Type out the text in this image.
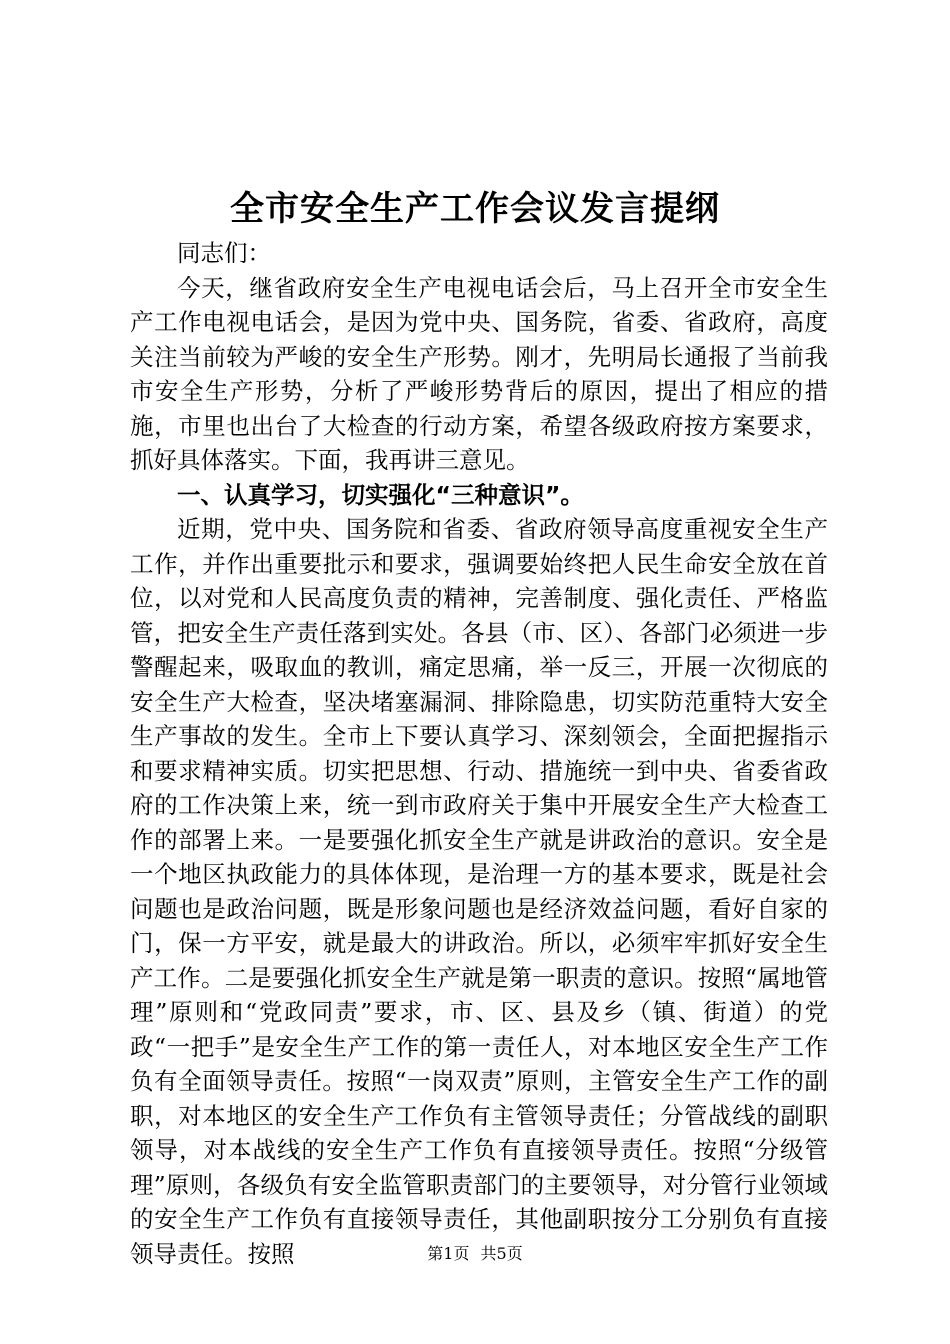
全市安全生产工作会议发言提纲

同志们：

今天，继省政府安全生产电视电话会后，马上召开全市安全生产工作电视电话会，是因为党中央、国务院，省委、省政府，高度关注当前较为严峻的安全生产形势。刚才，先明局长通报了当前我市安全生产形势，分析了严峻形势背后的原因，提出了相应的措施，市里也出台了大检查的行动方案，希望各级政府按方案要求，抓好具体落实。下面，我再讲三意见。

一、认真学习，切实强化“三种意识”。

近期，党中央、国务院和省委、省政府领导高度重视安全生产工作，并作出重要批示和要求，强调要始终把人民生命安全放在首位，以对党和人民高度负责的精神，完善制度、强化责任、严格监管，把安全生产责任落到实处。各县（市、区）、各部门必须进一步警醒起来，吸取血的教训，痛定思痛，举一反三，开展一次彻底的安全生产大检查，坚决堵塞漏洞、排除隐患，切实防范重特大安全生产事故的发生。全市上下要认真学习、深刻领会，全面把握指示和要求精神实质。切实把思想、行动、措施统一到中央、省委省政府的工作决策上来，统一到市政府关于集中开展安全生产大检查工作的部署上来。一是要强化抓安全生产就是讲政治的意识。安全是一个地区执政能力的具体体现，是治理一方的基本要求，既是社会问题也是政治问题，既是形象问题也是经济效益问题，看好自家的门，保一方平安，就是最大的讲政治。所以，必须牢牢抓好安全生产工作。二是要强化抓安全生产就是第一职责的意识。按照“属地管理”原则和“党政同责”要求，市、区、县及乡（镇、街道）的党政“一把手”是安全生产工作的第一责任人，对本地区安全生产工作负有全面领导责任。按照“一岗双责”原则，主管安全生产工作的副职，对本地区的安全生产工作负有主管领导责任；分管战线的副职领导，对本战线的安全生产工作负有直接领导责任。按照“分级管理”原则，各级负有安全监管职责部门的主要领导，对分管行业领域的安全生产工作负有直接领导责任，其他副职按分工分别负有直接领导责任。按照	第1页 共5页
